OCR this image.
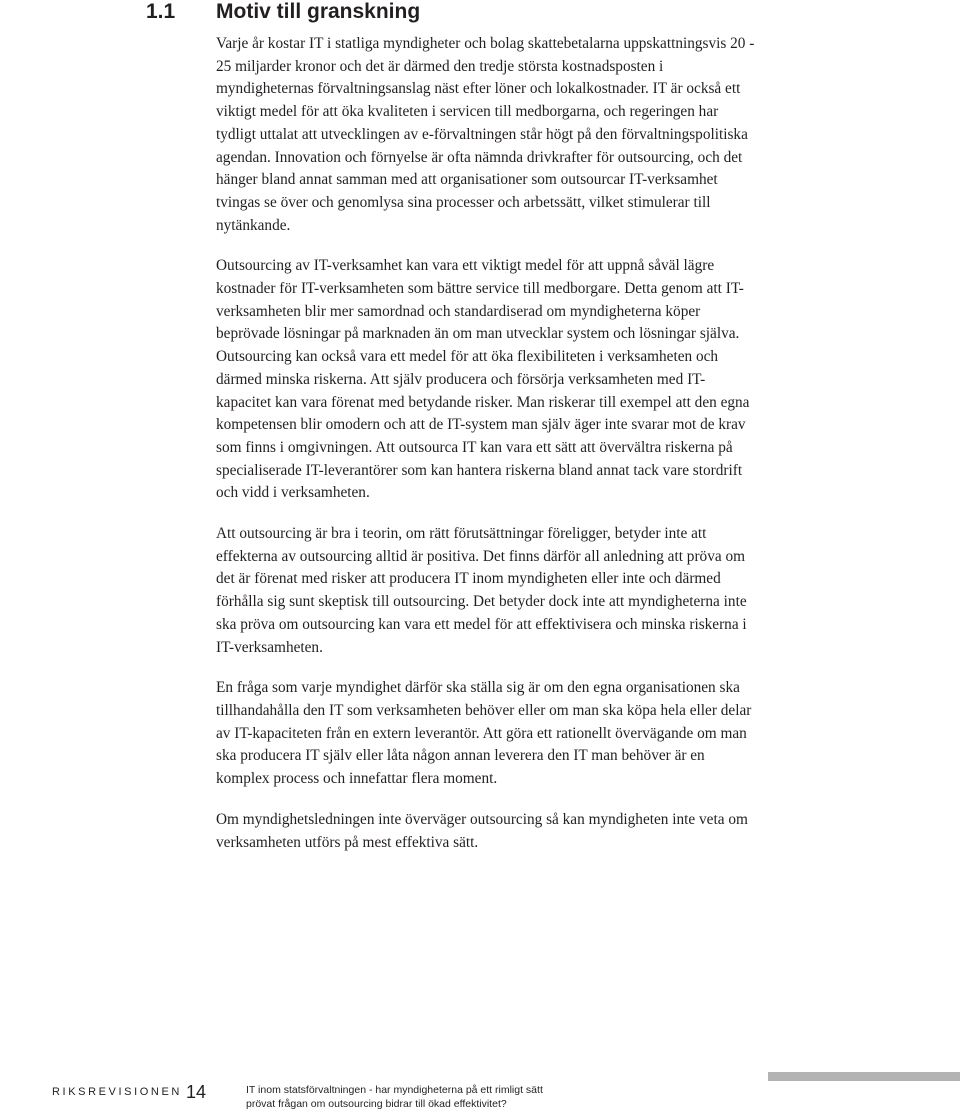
1.1	Motiv till granskning

Varje år kostar IT i statliga myndigheter och bolag skattebetalarna uppskattningsvis 20 - 25 miljarder kronor och det är därmed den tredje största kostnadsposten i myndigheternas förvaltningsanslag näst efter löner och lokalkostnader. IT är också ett viktigt medel för att öka kvaliteten i servicen till medborgarna, och regeringen har tydligt uttalat att utvecklingen av e-förvaltningen står högt på den förvaltningspolitiska agendan. Innovation och förnyelse är ofta nämnda drivkrafter för outsourcing, och det hänger bland annat samman med att organisationer som outsourcar IT-verksamhet tvingas se över och genomlysa sina processer och arbetssätt, vilket stimulerar till nytänkande.

Outsourcing av IT-verksamhet kan vara ett viktigt medel för att uppnå såväl lägre kostnader för IT-verksamheten som bättre service till medborgare. Detta genom att IT-verksamheten blir mer samordnad och standardiserad om myndigheterna köper beprövade lösningar på marknaden än om man utvecklar system och lösningar själva. Outsourcing kan också vara ett medel för att öka flexibiliteten i verksamheten och därmed minska riskerna. Att själv producera och försörja verksamheten med IT-kapacitet kan vara förenat med betydande risker. Man riskerar till exempel att den egna kompetensen blir omodern och att de IT-system man själv äger inte svarar mot de krav som finns i omgivningen. Att outsourca IT kan vara ett sätt att övervältra riskerna på specialiserade IT-leverantörer som kan hantera riskerna bland annat tack vare stordrift och vidd i verksamheten.

Att outsourcing är bra i teorin, om rätt förutsättningar föreligger, betyder inte att effekterna av outsourcing alltid är positiva. Det finns därför all anledning att pröva om det är förenat med risker att producera IT inom myndigheten eller inte och därmed förhålla sig sunt skeptisk till outsourcing. Det betyder dock inte att myndigheterna inte ska pröva om outsourcing kan vara ett medel för att effektivisera och minska riskerna i IT-verksamheten.

En fråga som varje myndighet därför ska ställa sig är om den egna organisationen ska tillhandahålla den IT som verksamheten behöver eller om man ska köpa hela eller delar av IT-kapaciteten från en extern leverantör. Att göra ett rationellt övervägande om man ska producera IT själv eller låta någon annan leverera den IT man behöver är en komplex process och innefattar flera moment.

Om myndighetsledningen inte överväger outsourcing så kan myndigheten inte veta om verksamheten utförs på mest effektiva sätt.

RIKSREVISIONEN 14	IT inom statsförvaltningen - har myndigheterna på ett rimligt sätt
prövat frågan om outsourcing bidrar till ökad effektivitet?
